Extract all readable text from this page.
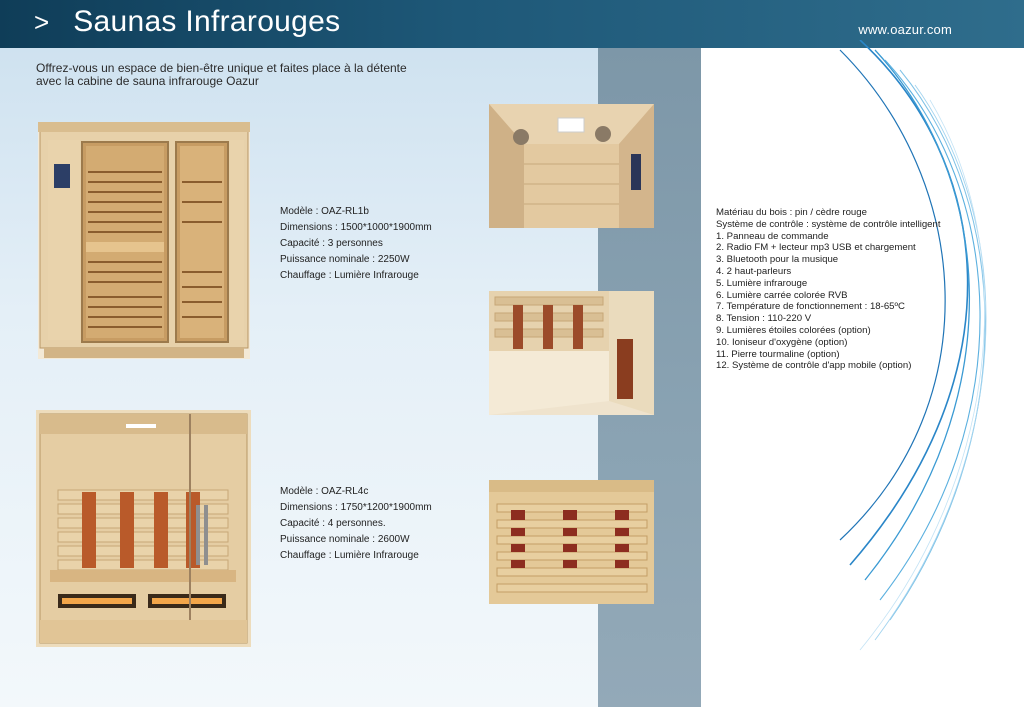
> Saunas Infrarouges	www.oazur.com
Offrez-vous un espace de bien-être unique et faites place à la détente
avec la cabine de sauna infrarouge Oazur
Modèle : OAZ-RL1b
Dimensions : 1500*1000*1900mm
Capacité : 3 personnes
Puissance nominale : 2250W
Chauffage : Lumière Infrarouge
Modèle : OAZ-RL4c
Dimensions : 1750*1200*1900mm
Capacité : 4 personnes.
Puissance nominale : 2600W
Chauffage : Lumière Infrarouge
Matériau du bois : pin / cèdre rouge
Système de contrôle : système de contrôle intelligent
1. Panneau de commande
2. Radio FM + lecteur mp3 USB et chargement
3. Bluetooth pour la musique
4. 2 haut-parleurs
5. Lumière infrarouge
6. Lumière carrée colorée RVB
7. Température de fonctionnement : 18-65ºC
8. Tension : 110-220 V
9. Lumières étoiles colorées (option)
10. Ioniseur d'oxygène (option)
11. Pierre tourmaline (option)
12. Système de contrôle d'app mobile (option)
